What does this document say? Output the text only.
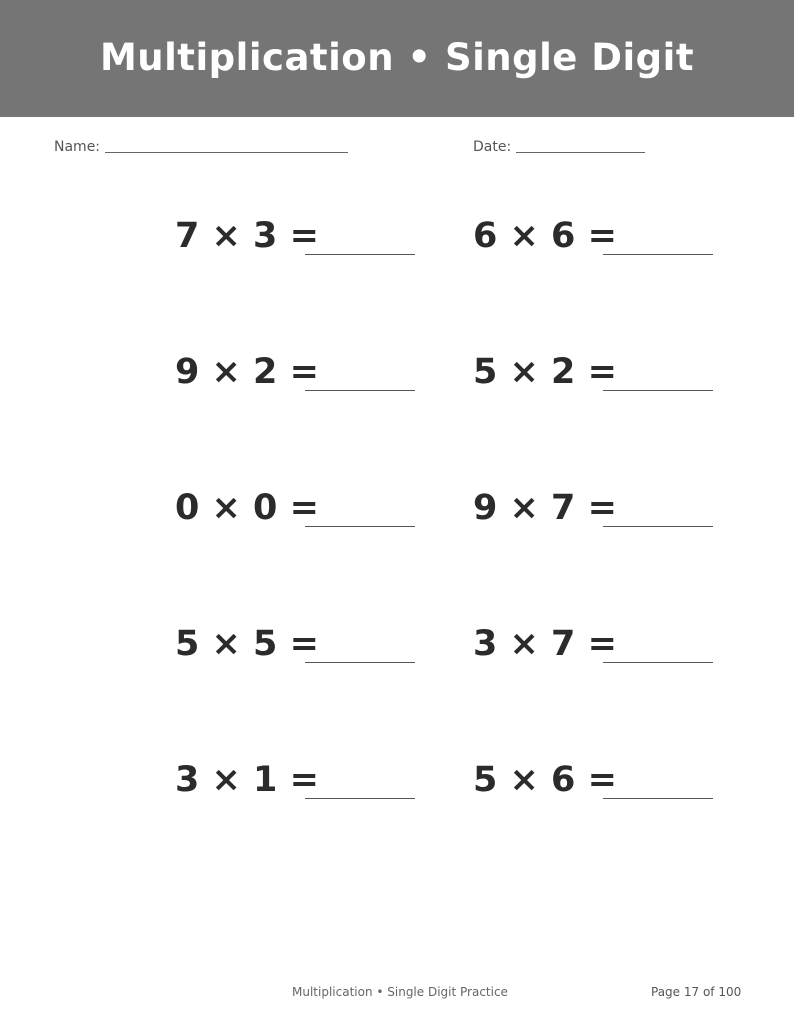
Multiplication • Single Digit
Name:	Date:
7 × 3 =	6 × 6 =
9 × 2 =	5 × 2 =
0 × 0 =	9 × 7 =
5 × 5 =	3 × 7 =
3 × 1 =	5 × 6 =
Multiplication • Single Digit Practice	Page 17 of 100
